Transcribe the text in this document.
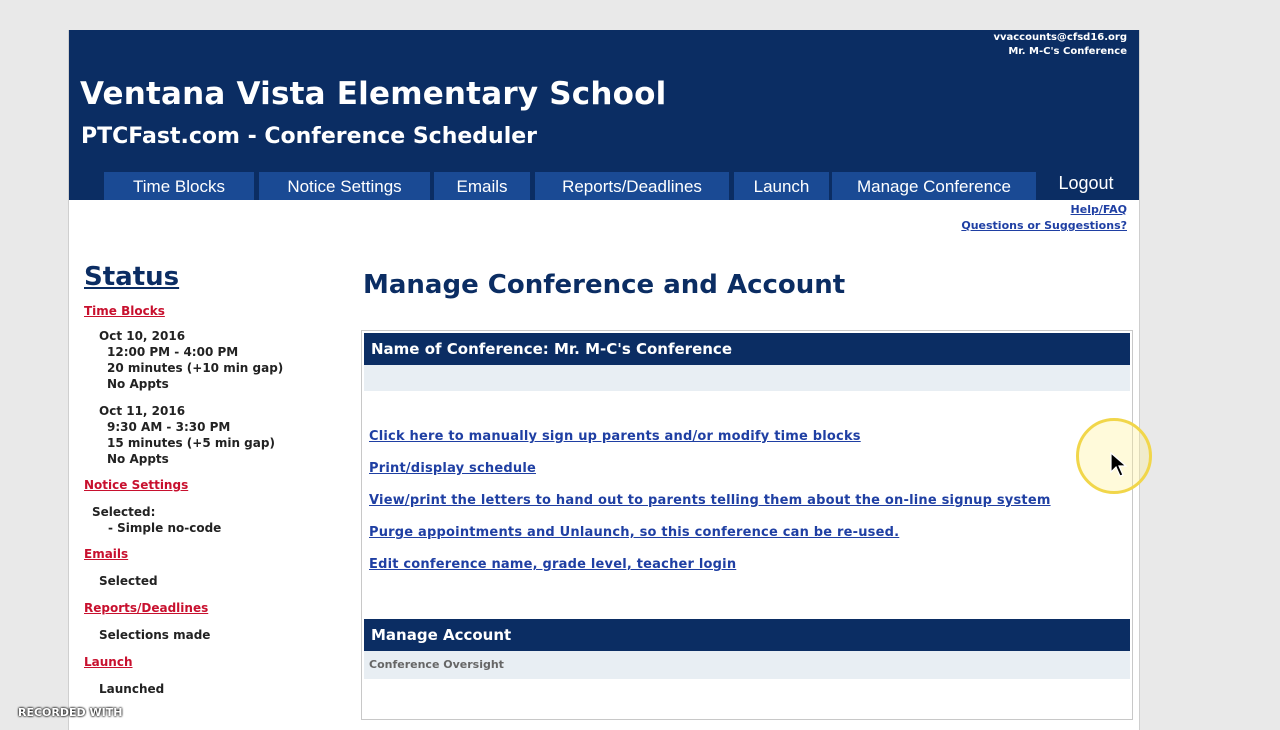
vvaccounts@cfsd16.org
Mr. M-C's Conference
Ventana Vista Elementary School
PTCFast.com - Conference Scheduler
Time Blocks	Notice Settings	Emails	Reports/Deadlines	Launch	Manage Conference	Logout
Help/FAQ
Questions or Suggestions?
Status
Time Blocks
Oct 10, 2016
12:00 PM - 4:00 PM
20 minutes (+10 min gap)
No Appts
Oct 11, 2016
9:30 AM - 3:30 PM
15 minutes (+5 min gap)
No Appts
Notice Settings
Selected:
- Simple no-code
Emails
Selected
Reports/Deadlines
Selections made
Launch
Launched
Manage Conference and Account
Name of Conference: Mr. M-C's Conference
Click here to manually sign up parents and/or modify time blocks
Print/display schedule
View/print the letters to hand out to parents telling them about the on-line signup system
Purge appointments and Unlaunch, so this conference can be re-used.
Edit conference name, grade level, teacher login
Manage Account
Conference Oversight
RECORDED WITH
